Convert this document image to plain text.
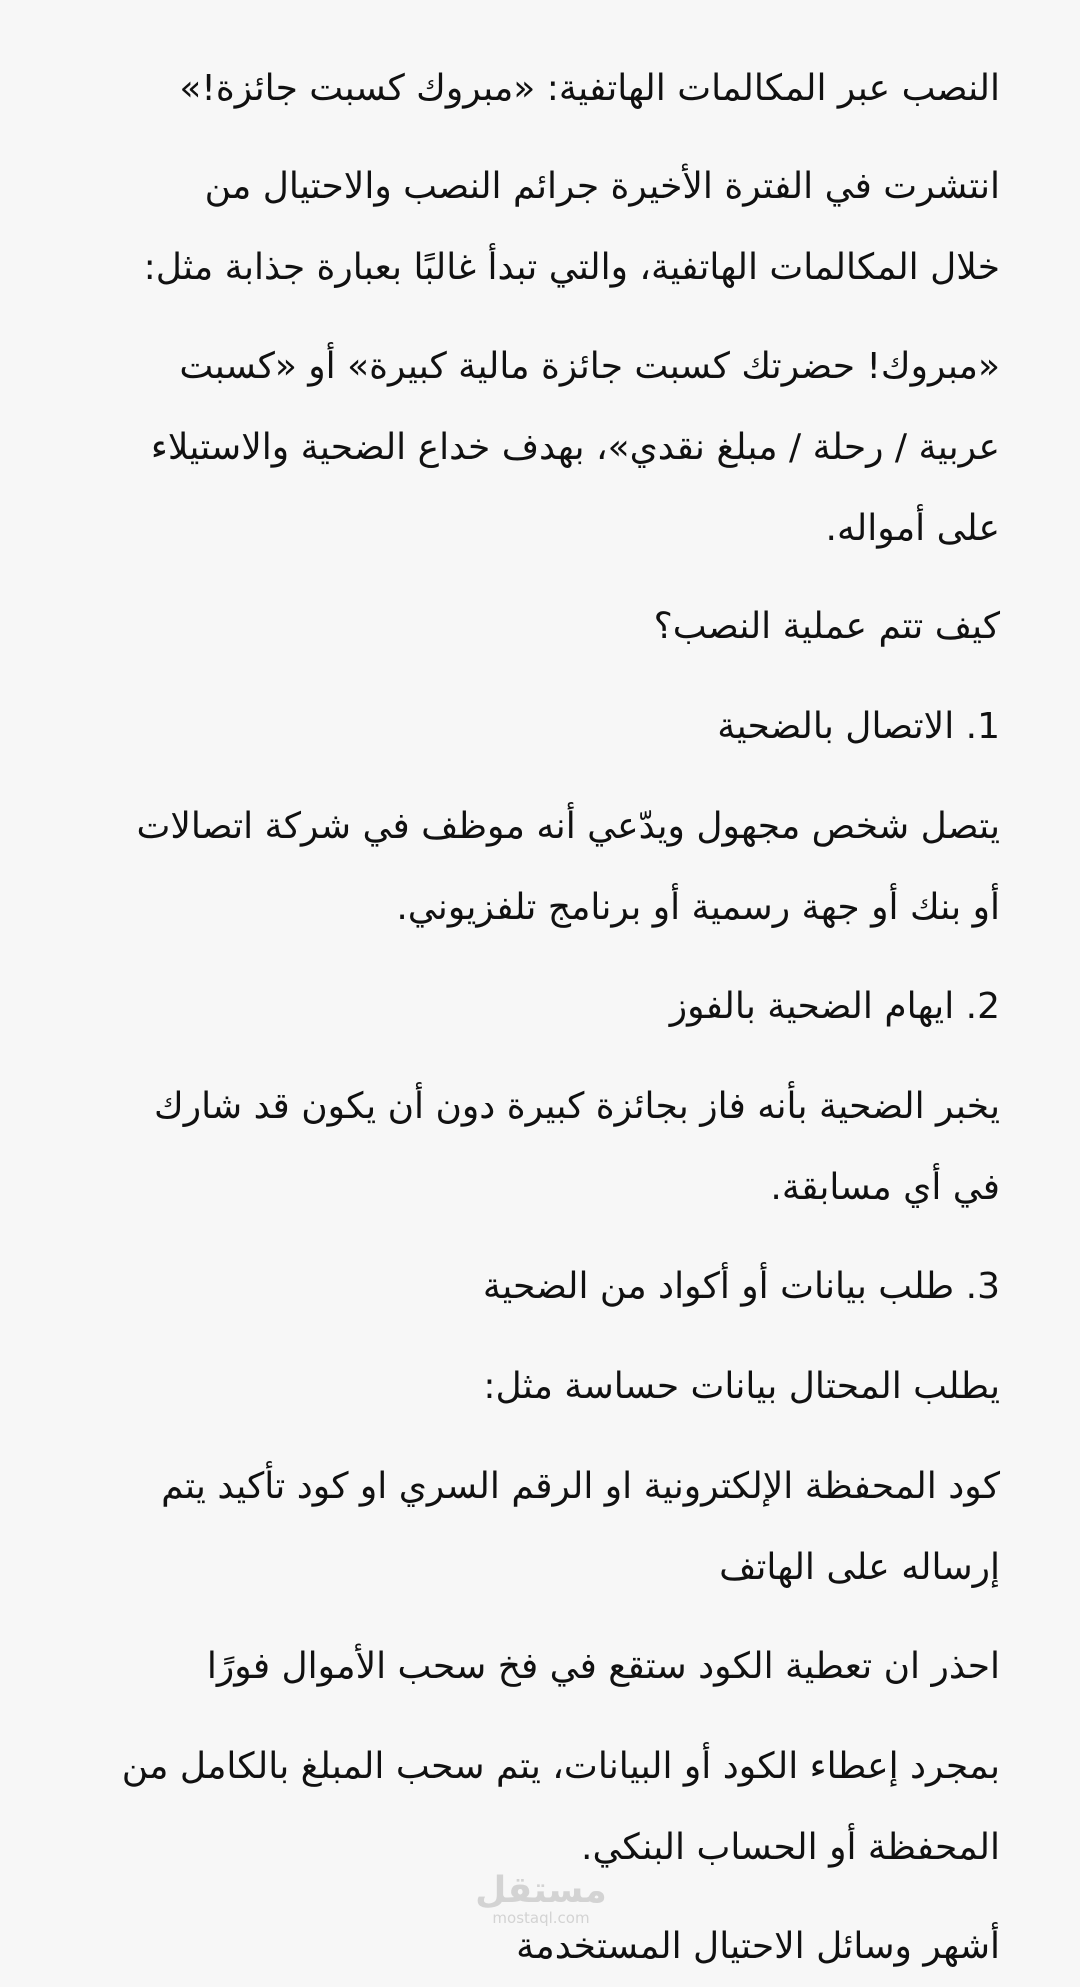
النصب عبر المكالمات الهاتفية: «مبروك كسبت جائزة!»
انتشرت في الفترة الأخيرة جرائم النصب والاحتيال من
خلال المكالمات الهاتفية، والتي تبدأ غالبًا بعبارة جذابة مثل:
«مبروك! حضرتك كسبت جائزة مالية كبيرة» أو «كسبت
عربية / رحلة / مبلغ نقدي»، بهدف خداع الضحية والاستيلاء
على أمواله.
كيف تتم عملية النصب؟
1. الاتصال بالضحية
يتصل شخص مجهول ويدّعي أنه موظف في شركة اتصالات
أو بنك أو جهة رسمية أو برنامج تلفزيوني.
2. ايهام الضحية بالفوز
يخبر الضحية بأنه فاز بجائزة كبيرة دون أن يكون قد شارك
في أي مسابقة.
3. طلب بيانات أو أكواد من الضحية
يطلب المحتال بيانات حساسة مثل:
كود المحفظة الإلكترونية او الرقم السري او كود تأكيد يتم
إرساله على الهاتف
احذر ان تعطية الكود ستقع في فخ سحب الأموال فورًا
بمجرد إعطاء الكود أو البيانات، يتم سحب المبلغ بالكامل من
المحفظة أو الحساب البنكي.
أشهر وسائل الاحتيال المستخدمة
مستقل
mostaql.com
